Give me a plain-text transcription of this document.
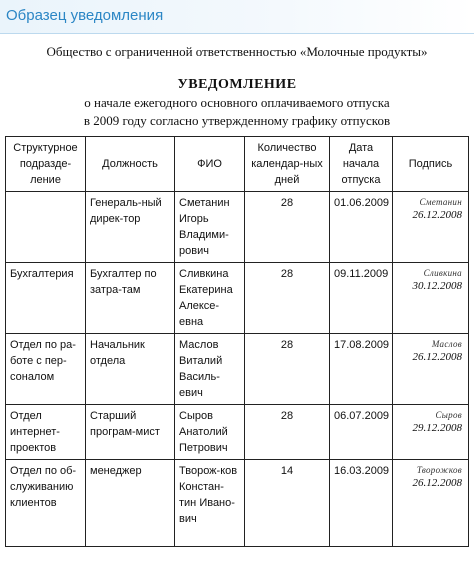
Образец уведомления
Общество с ограниченной ответственностью «Молочные продукты»
УВЕДОМЛЕНИЕ
о начале ежегодного основного оплачиваемого отпуска
в 2009 году согласно утвержденному графику отпусков
Структурное подразде-ление	Должность	ФИО	Количество календар-ных дней	Дата начала отпуска	Подпись
	Генераль-ный дирек-тор	Сметанин Игорь Владими-рович	28	01.06.2009	Сметанин
26.12.2008

Бухгалтерия	Бухгалтер по затра-там	Сливкина Екатерина Алексе-евна	28	09.11.2009	Сливкина
30.12.2008

Отдел по ра-боте с пер-соналом	Начальник отдела	Маслов Виталий Василь-евич	28	17.08.2009	Маслов
26.12.2008

Отдел интернет-проектов	Старший програм-мист	Сыров Анатолий Петрович	28	06.07.2009	Сыров
29.12.2008

Отдел по об-служиванию клиентов	менеджер	Творож-ков Констан-тин Ивано-вич	14	16.03.2009	Творожков
26.12.2008
